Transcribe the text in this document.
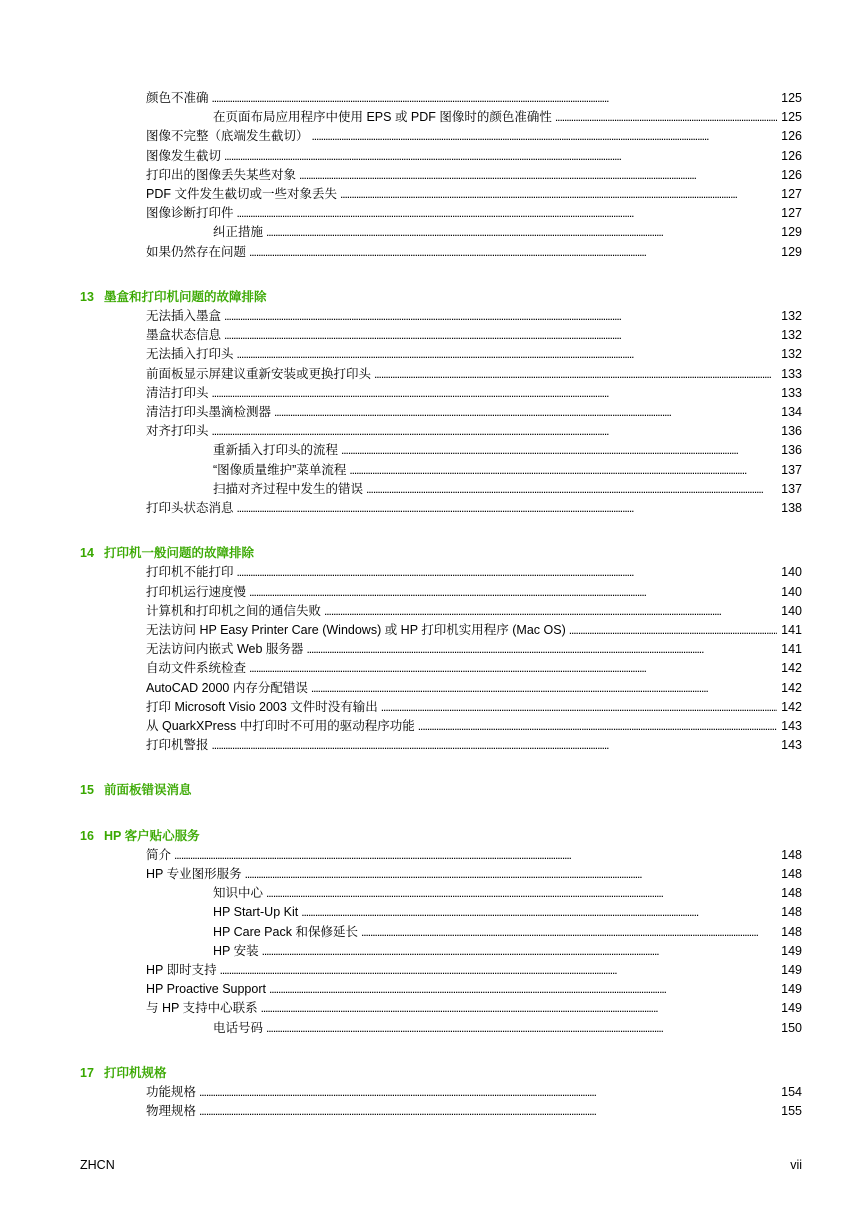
颜色不准确 . . .	125
在页面布局应用程序中使用 EPS 或 PDF 图像时的颜色准确性 . . .	125
图像不完整（底端发生截切） . . .	126
图像发生截切 . . .	126
打印出的图像丢失某些对象 . . .	126
PDF 文件发生截切或一些对象丢失 . . .	127
图像诊断打印件 . . .	127
纠正措施 . . .	129
如果仍然存在问题 . . .	129
13 墨盒和打印机问题的故障排除
无法插入墨盒 . . .	132
墨盒状态信息 . . .	132
无法插入打印头 . . .	132
前面板显示屏建议重新安装或更换打印头 . . .	133
清洁打印头 . . .	133
清洁打印头墨滴检测器 . . .	134
对齐打印头 . . .	136
重新插入打印头的流程 . . .	136
“图像质量维护”菜单流程 . . .	137
扫描对齐过程中发生的错误 . . .	137
打印头状态消息 . . .	138
14 打印机一般问题的故障排除
打印机不能打印 . . .	140
打印机运行速度慢 . . .	140
计算机和打印机之间的通信失败 . . .	140
无法访问 HP Easy Printer Care (Windows) 或 HP 打印机实用程序 (Mac OS) . . .	141
无法访问内嵌式 Web 服务器 . . .	141
自动文件系统检查 . . .	142
AutoCAD 2000 内存分配错误 . . .	142
打印 Microsoft Visio 2003 文件时没有输出 . . .	142
从 QuarkXPress 中打印时不可用的驱动程序功能 . . .	143
打印机警报 . . .	143
15 前面板错误消息
16 HP 客户贴心服务
简介 . . .	148
HP 专业图形服务 . . .	148
知识中心 . . .	148
HP Start-Up Kit . . .	148
HP Care Pack 和保修延长 . . .	148
HP 安装 . . .	149
HP 即时支持 . . .	149
HP Proactive Support . . .	149
与 HP 支持中心联系 . . .	149
电话号码 . . .	150
17 打印机规格
功能规格 . . .	154
物理规格 . . .	155
ZHCN	vii
